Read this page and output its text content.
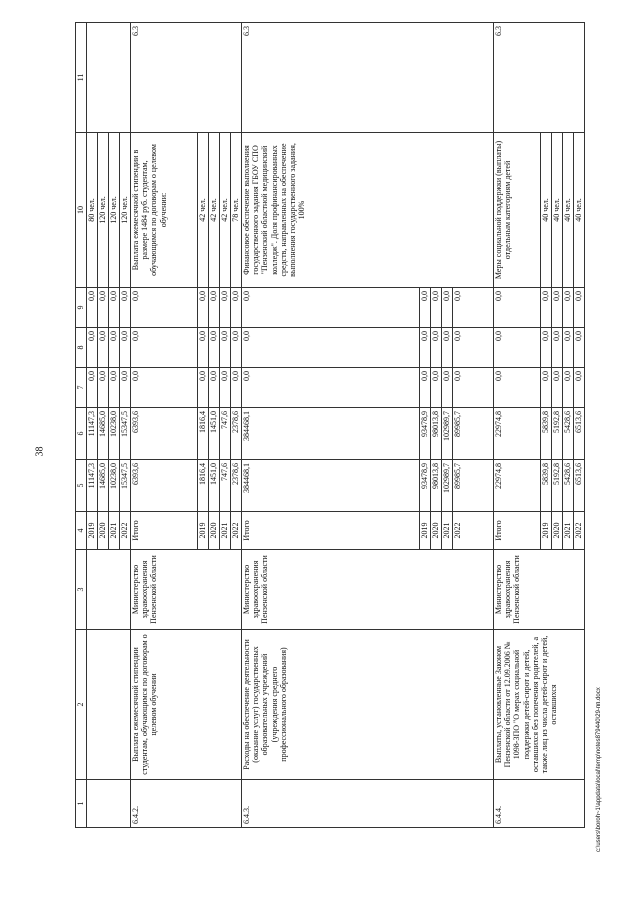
38
1	2	3	4	5	6	7	8	9	10	11
			2019	11147,3	11147,3	0,0	0,0	0,0	80 чел.	
			2020	14685,0	14685,0	0,0	0,0	0,0	120 чел.	
			2021	10238,0	10238,0	0,0	0,0	0,0	120 чел.	
			2022	15347,5	15347,5	0,0	0,0	0,0	120 чел.	
6.4.2.	Выплата ежемесячной стипендии студентам, обучающимся по договорам о целевом обучении	Министерство здравоохранения Пензенской области	Итого	6393,6	6393,6	0,0	0,0	0,0	Выплата ежемесячной стипендии в размере 1484 руб. студентам, обучающимся по договорам о целевом обучении:	6.3
			2019	1816,4	1816,4	0,0	0,0	0,0	42 чел.	
			2020	1451,0	1451,0	0,0	0,0	0,0	42 чел.	
			2021	747,6	747,6	0,0	0,0	0,0	42 чел.	
			2022	2378,6	2378,6	0,0	0,0	0,0	78 чел.	
6.4.3.	Расходы на обеспечение деятельности (оказание услуг) государственных образовательных учреждений (учреждения среднего профессионального образования)	Министерство здравоохранения Пензенской области	Итого	384468,1	384468,1	0,0	0,0	0,0	Финансовое обеспечение выполнения государственного задания ГБОУ СПО "Пензенский областной медицинский колледж". Доля профинансированных средств, направленных на обеспечение выполнения государственного задания, 100%	6.3
			2019	93478,9	93478,9	0,0	0,0	0,0		
			2020	98013,8	98013,8	0,0	0,0	0,0		
			2021	102989,7	102989,7	0,0	0,0	0,0		
			2022	89985,7	89985,7	0,0	0,0	0,0		
6.4.4.	Выплаты, установленные Законом Пензенской области от 12.09.2006 № 1098-ЗПО "О мерах социальной поддержки детей-сирот и детей, оставшихся без попечения родителей, а также лиц из числа детей-сирот и детей, оставшихся	Министерство здравоохранения Пензенской области	Итого	22974,8	22974,8	0,0	0,0	0,0	Меры социальной поддержки (выплаты) отдельным категориям детей	6.3
			2019	5839,8	5839,8	0,0	0,0	0,0	40 чел.	
			2020	5192,8	5192,8	0,0	0,0	0,0	40 чел.	
			2021	5428,6	5428,6	0,0	0,0	0,0	40 чел.	
			2022	6513,6	6513,6	0,0	0,0	0,0	40 чел.	
c:\users\boroh~1\appdata\local\temp\notes879440\29-пп.docx
